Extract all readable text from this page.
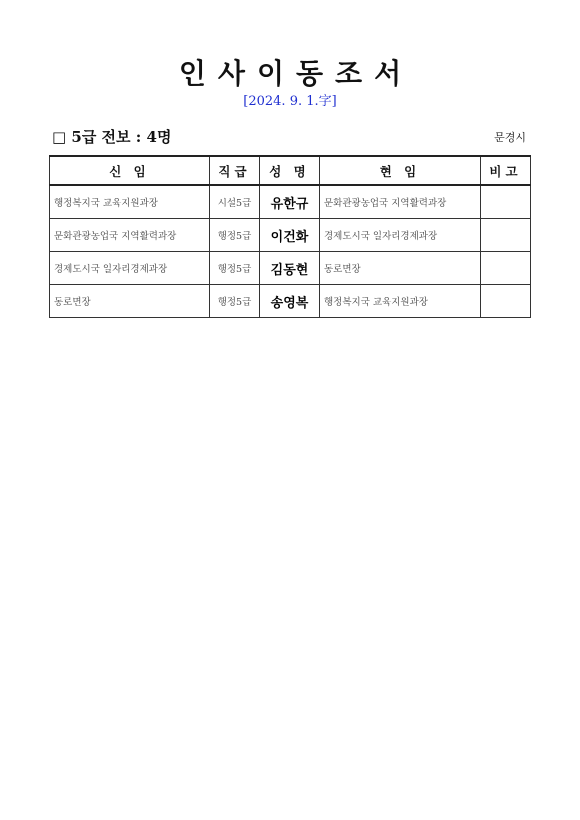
인사이동조서
[2024. 9. 1.字]
□ 5급 전보 : 4명	문경시
신 임	직급	성 명	현 임	비고
행정복지국 교육지원과장	시설5급	유한규	문화관광농업국 지역활력과장	
문화관광농업국 지역활력과장	행정5급	이건화	경제도시국 일자리경제과장	
경제도시국 일자리경제과장	행정5급	김동현	동로면장	
동로면장	행정5급	송영복	행정복지국 교육지원과장	
